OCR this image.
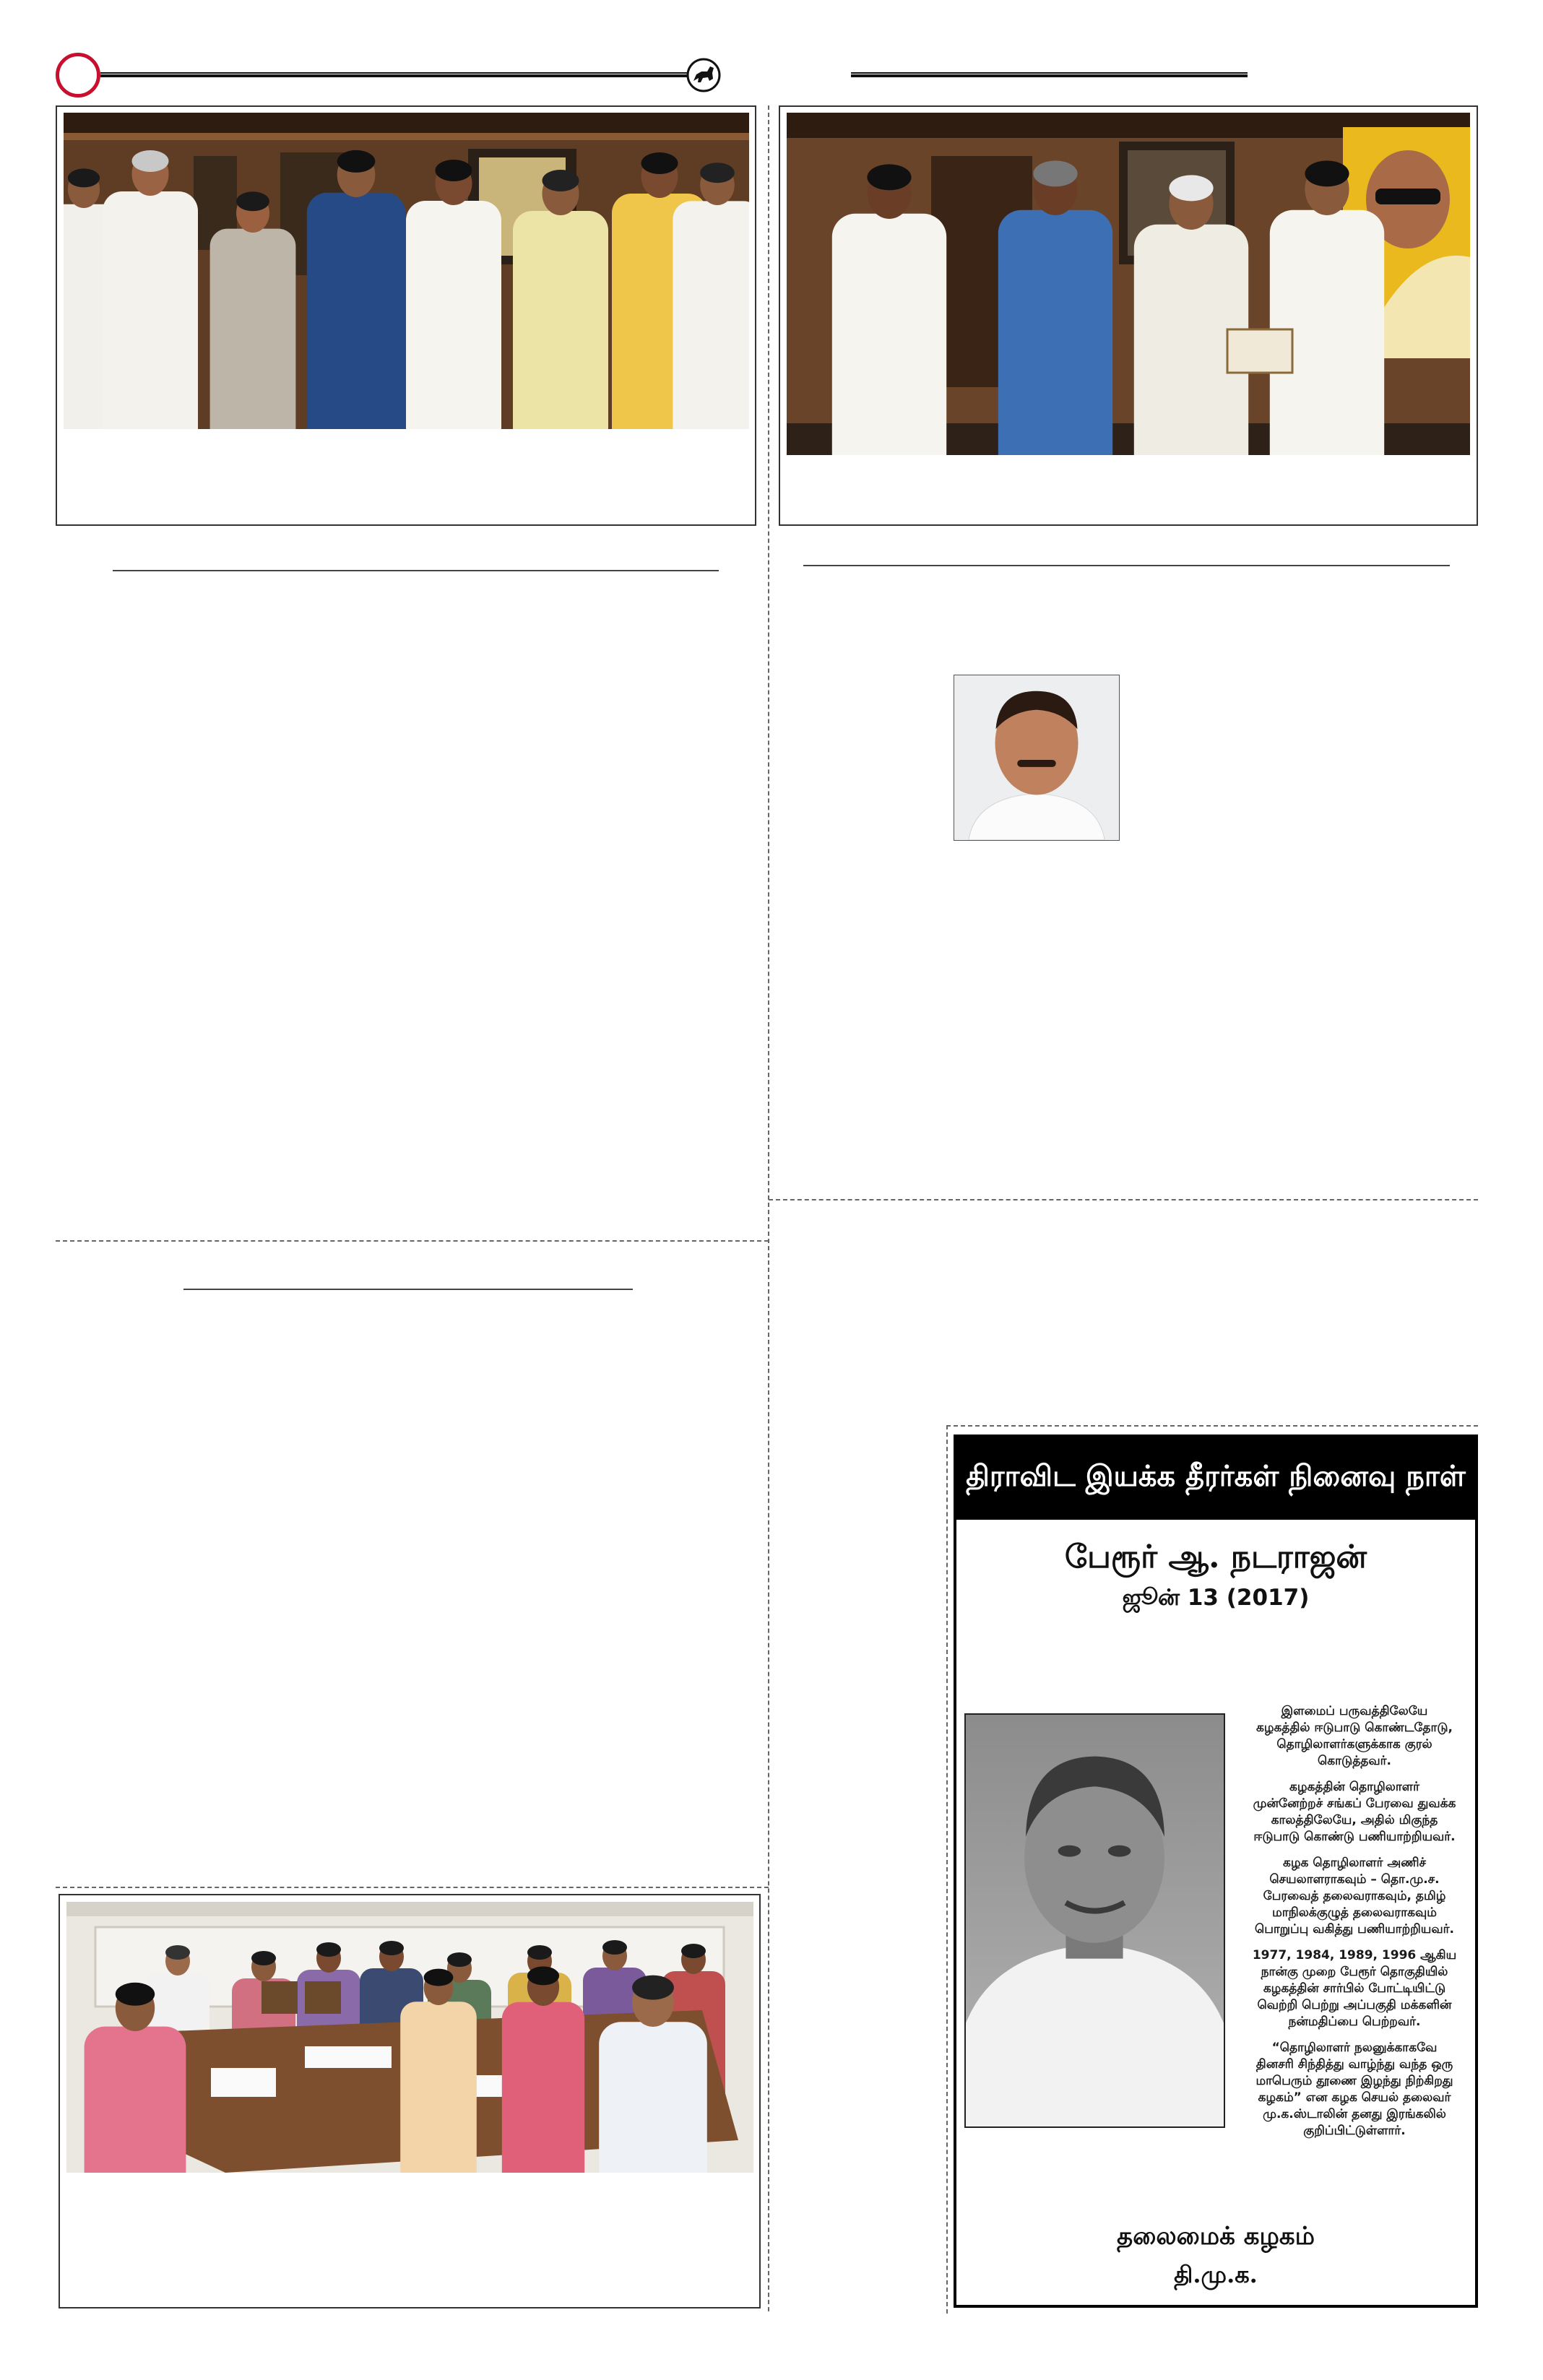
திராவிட இயக்க தீரர்கள் நினைவு நாள்
பேரூர் ஆ. நடராஜன்
ஜூன் 13 (2017)
இளமைப் பருவத்திலேயே
கழகத்தில் ஈடுபாடு கொண்டதோடு,
தொழிலாளர்களுக்காக குரல்
கொடுத்தவர்.
கழகத்தின் தொழிலாளர்
முன்னேற்றச் சங்கப் பேரவை துவக்க
காலத்திலேயே, அதில் மிகுந்த
ஈடுபாடு கொண்டு பணியாற்றியவர்.
கழக தொழிலாளர் அணிச்
செயலாளராகவும் – தொ.மு.ச.
பேரவைத் தலைவராகவும், தமிழ்
மாநிலக்குழுத் தலைவராகவும்
பொறுப்பு வகித்து பணியாற்றியவர்.
1977, 1984, 1989, 1996 ஆகிய
நான்கு முறை பேரூர் தொகுதியில்
கழகத்தின் சார்பில் போட்டியிட்டு
வெற்றி பெற்று அப்பகுதி மக்களின்
நன்மதிப்பை பெற்றவர்.
“தொழிலாளர் நலனுக்காகவே
தினசரி சிந்தித்து வாழ்ந்து வந்த ஒரு
மாபெரும் தூணை இழந்து நிற்கிறது
கழகம்” என கழக செயல் தலைவர்
மு.க.ஸ்டாலின் தனது இரங்கலில்
குறிப்பிட்டுள்ளார்.
தலைமைக் கழகம்
தி.மு.க.
